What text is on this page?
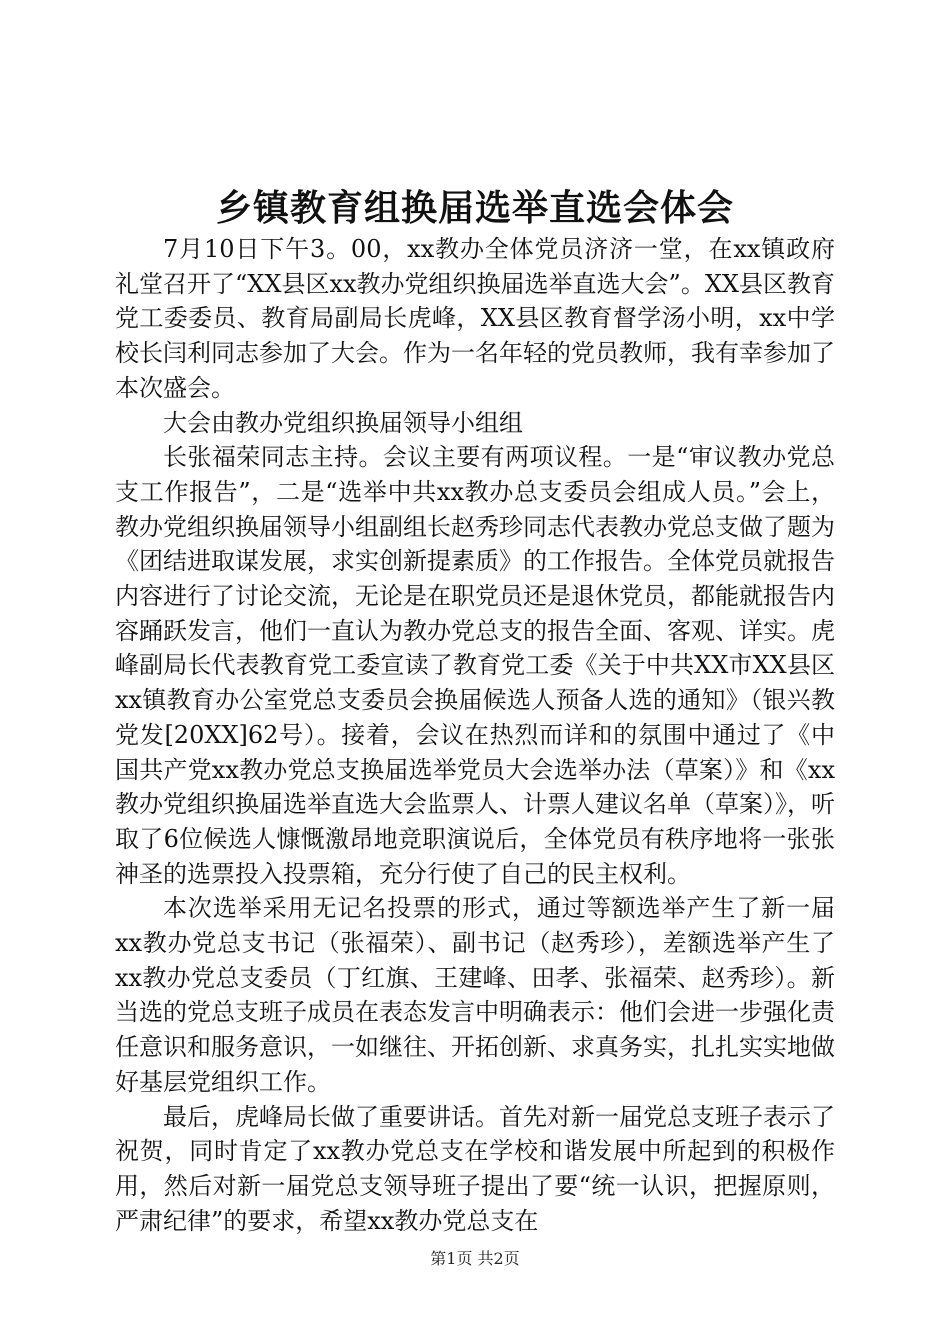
乡镇教育组换届选举直选会体会

7月10日下午3。00，xx教办全体党员济济一堂，在xx镇政府礼堂召开了“XX县区xx教办党组织换届选举直选大会”。XX县区教育党工委委员、教育局副局长虎峰，XX县区教育督学汤小明，xx中学校长闫利同志参加了大会。作为一名年轻的党员教师，我有幸参加了本次盛会。

大会由教办党组织换届领导小组组

长张福荣同志主持。会议主要有两项议程。一是“审议教办党总支工作报告”，二是“选举中共xx教办总支委员会组成人员。”会上，教办党组织换届领导小组副组长赵秀珍同志代表教办党总支做了题为《团结进取谋发展，求实创新提素质》的工作报告。全体党员就报告内容进行了讨论交流，无论是在职党员还是退休党员，都能就报告内容踊跃发言，他们一直认为教办党总支的报告全面、客观、详实。虎峰副局长代表教育党工委宣读了教育党工委《关于中共XX市XX县区xx镇教育办公室党总支委员会换届候选人预备人选的通知》（银兴教党发[20XX]62号）。接着，会议在热烈而详和的氛围中通过了《中国共产党xx教办党总支换届选举党员大会选举办法（草案）》和《xx教办党组织换届选举直选大会监票人、计票人建议名单（草案）》，听取了6位候选人慷慨激昂地竞职演说后，全体党员有秩序地将一张张神圣的选票投入投票箱，充分行使了自己的民主权利。

本次选举采用无记名投票的形式，通过等额选举产生了新一届xx教办党总支书记（张福荣）、副书记（赵秀珍），差额选举产生了xx教办党总支委员（丁红旗、王建峰、田孝、张福荣、赵秀珍）。新当选的党总支班子成员在表态发言中明确表示：他们会进一步强化责任意识和服务意识，一如继往、开拓创新、求真务实，扎扎实实地做好基层党组织工作。

最后，虎峰局长做了重要讲话。首先对新一届党总支班子表示了祝贺，同时肯定了xx教办党总支在学校和谐发展中所起到的积极作用，然后对新一届党总支领导班子提出了要“统一认识，把握原则，严肃纪律”的要求，希望xx教办党总支在

第1页 共2页
